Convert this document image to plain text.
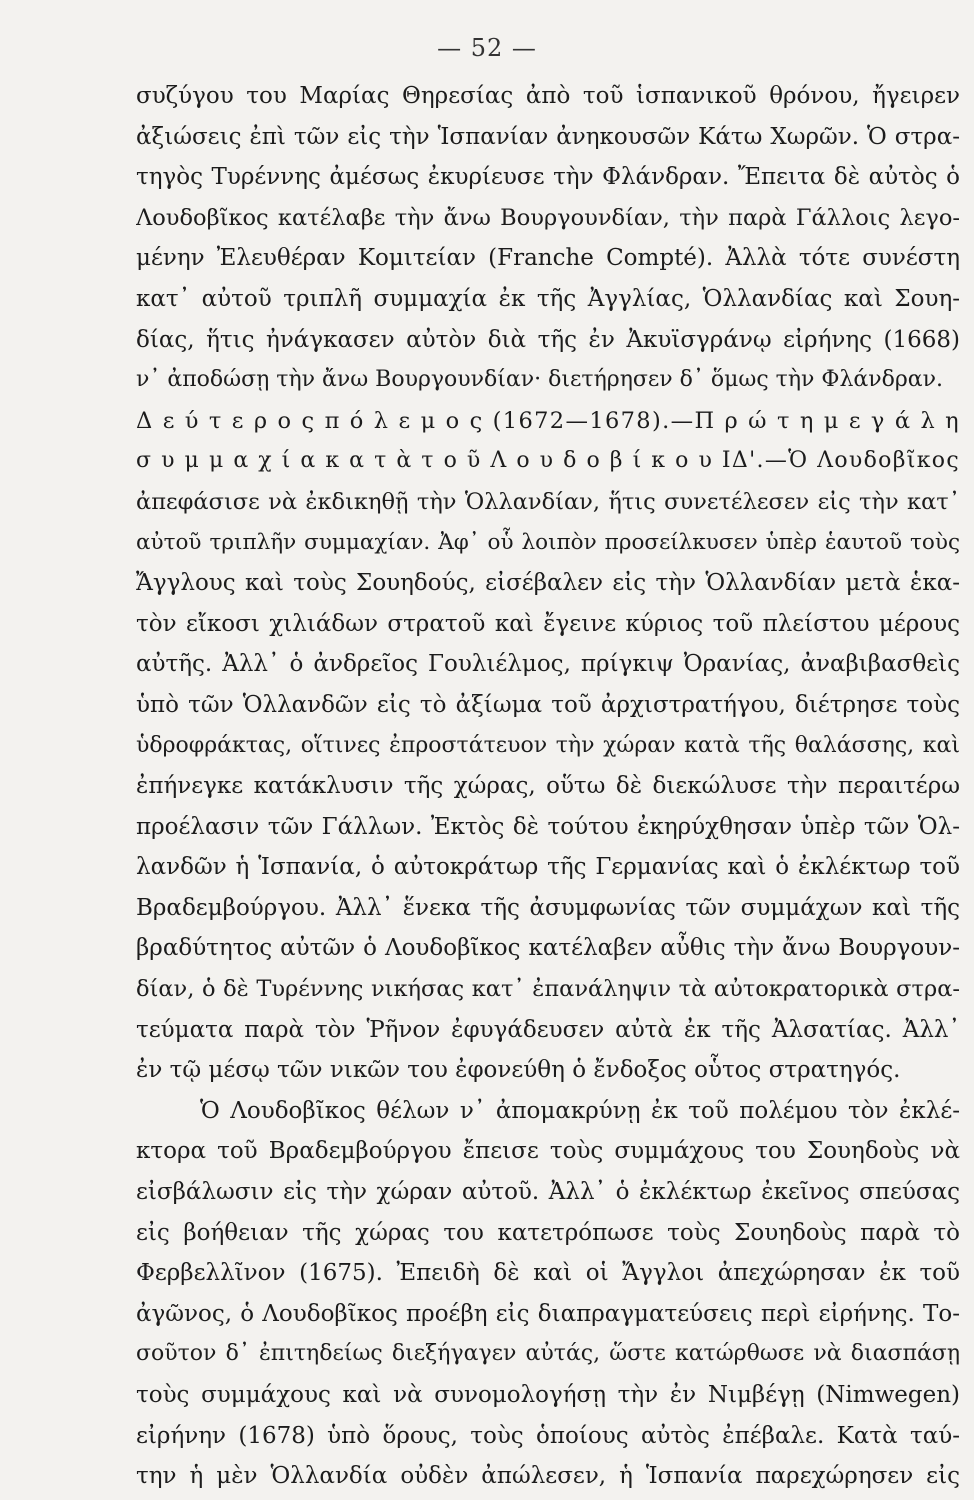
— 52 —
συζύγου του Μαρίας Θηρεσίας ἀπὸ τοῦ ἱσπανικοῦ θρόνου, ἤγειρεν
ἀξιώσεις ἐπὶ τῶν εἰς τὴν Ἱσπανίαν ἀνηκουσῶν Κάτω Χωρῶν. Ὁ στρα-
τηγὸς Τυρέννης ἀμέσως ἐκυρίευσε τὴν Φλάνδραν. Ἔπειτα δὲ αὐτὸς ὁ
Λουδοβῖκος κατέλαβε τὴν ἄνω Βουργουνδίαν, τὴν παρὰ Γάλλοις λεγο-
μένην Ἐλευθέραν Κομιτείαν (Franche Compté). Ἀλλὰ τότε συνέστη
κατ᾽ αὐτοῦ τριπλῆ συμμαχία ἐκ τῆς Ἀγγλίας, Ὁλλανδίας καὶ Σουη-
δίας, ἥτις ἠνάγκασεν αὐτὸν διὰ τῆς ἐν Ἀκυϊσγράνῳ εἰρήνης (1668)
ν᾽ ἀποδώσῃ τὴν ἄνω Βουργουνδίαν· διετήρησεν δ᾽ ὅμως τὴν Φλάνδραν.
Δ ε ύ τ ε ρ ο ς π ό λ ε μ ο ς (1672—1678).—Π ρ ώ τ η μ ε γ ά λ η
σ υ μ μ α χ ί α κ α τ ὰ τ ο ῦ Λ ο υ δ ο β ί κ ο υ ΙΔ'.—Ὁ Λουδοβῖκος
ἀπεφάσισε νὰ ἐκδικηθῇ τὴν Ὁλλανδίαν, ἥτις συνετέλεσεν εἰς τὴν κατ᾽
αὐτοῦ τριπλῆν συμμαχίαν. Ἀφ᾽ οὗ λοιπὸν προσείλκυσεν ὑπὲρ ἑαυτοῦ τοὺς
Ἄγγλους καὶ τοὺς Σουηδούς, εἰσέβαλεν εἰς τὴν Ὁλλανδίαν μετὰ ἑκα-
τὸν εἴκοσι χιλιάδων στρατοῦ καὶ ἔγεινε κύριος τοῦ πλείστου μέρους
αὐτῆς. Ἀλλ᾽ ὁ ἀνδρεῖος Γουλιέλμος, πρίγκιψ Ὀρανίας, ἀναβιβασθεὶς
ὑπὸ τῶν Ὁλλανδῶν εἰς τὸ ἀξίωμα τοῦ ἀρχιστρατήγου, διέτρησε τοὺς
ὑδροφράκτας, οἵτινες ἐπροστάτευον τὴν χώραν κατὰ τῆς θαλάσσης, καὶ
ἐπήνεγκε κατάκλυσιν τῆς χώρας, οὕτω δὲ διεκώλυσε τὴν περαιτέρω
προέλασιν τῶν Γάλλων. Ἐκτὸς δὲ τούτου ἐκηρύχθησαν ὑπὲρ τῶν Ὁλ-
λανδῶν ἡ Ἱσπανία, ὁ αὐτοκράτωρ τῆς Γερμανίας καὶ ὁ ἐκλέκτωρ τοῦ
Βραδεμβούργου. Ἀλλ᾽ ἕνεκα τῆς ἀσυμφωνίας τῶν συμμάχων καὶ τῆς
βραδύτητος αὐτῶν ὁ Λουδοβῖκος κατέλαβεν αὖθις τὴν ἄνω Βουργουν-
δίαν, ὁ δὲ Τυρέννης νικήσας κατ᾽ ἐπανάληψιν τὰ αὐτοκρατορικὰ στρα-
τεύματα παρὰ τὸν Ῥῆνον ἐφυγάδευσεν αὐτὰ ἐκ τῆς Ἀλσατίας. Ἀλλ᾽
ἐν τῷ μέσῳ τῶν νικῶν του ἐφονεύθη ὁ ἔνδοξος οὗτος στρατηγός.
Ὁ Λουδοβῖκος θέλων ν᾽ ἀπομακρύνῃ ἐκ τοῦ πολέμου τὸν ἐκλέ-
κτορα τοῦ Βραδεμβούργου ἔπεισε τοὺς συμμάχους του Σουηδοὺς νὰ
εἰσβάλωσιν εἰς τὴν χώραν αὐτοῦ. Ἀλλ᾽ ὁ ἐκλέκτωρ ἐκεῖνος σπεύσας
εἰς βοήθειαν τῆς χώρας του κατετρόπωσε τοὺς Σουηδοὺς παρὰ τὸ
Φερβελλῖνον (1675). Ἐπειδὴ δὲ καὶ οἱ Ἄγγλοι ἀπεχώρησαν ἐκ τοῦ
ἀγῶνος, ὁ Λουδοβῖκος προέβη εἰς διαπραγματεύσεις περὶ εἰρήνης. Το-
σοῦτον δ᾽ ἐπιτηδείως διεξήγαγεν αὐτάς, ὥστε κατώρθωσε νὰ διασπάσῃ
τοὺς συμμάχους καὶ νὰ συνομολογήσῃ τὴν ἐν Νιμβέγῃ (Nimwegen)
εἰρήνην (1678) ὑπὸ ὅρους, τοὺς ὁποίους αὐτὸς ἐπέβαλε. Κατὰ ταύ-
την ἡ μὲν Ὁλλανδία οὐδὲν ἀπώλεσεν, ἡ Ἱσπανία παρεχώρησεν εἰς
